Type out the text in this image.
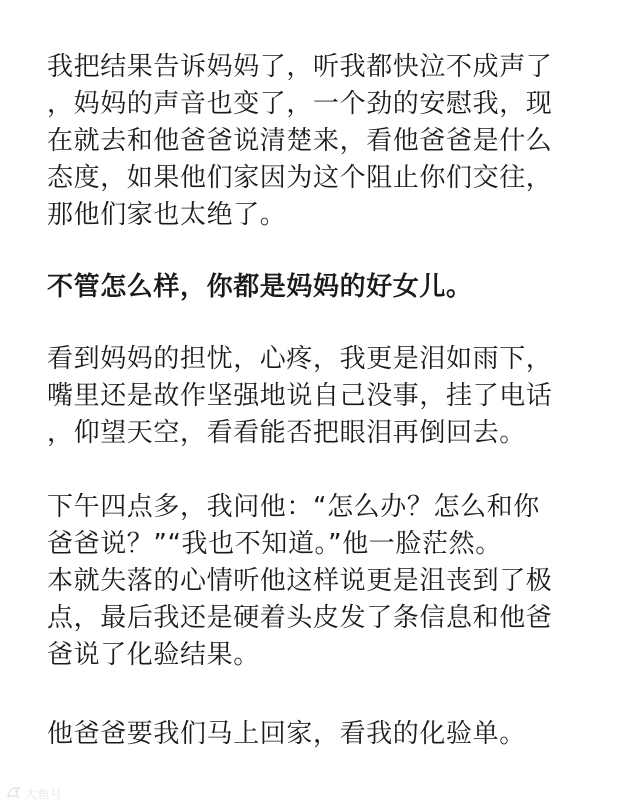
我把结果告诉妈妈了，听我都快泣不成声了
，妈妈的声音也变了，一个劲的安慰我，现
在就去和他爸爸说清楚来，看他爸爸是什么
态度，如果他们家因为这个阻止你们交往，
那他们家也太绝了。
不管怎么样，你都是妈妈的好女儿。
看到妈妈的担忧，心疼，我更是泪如雨下，
嘴里还是故作坚强地说自己没事，挂了电话
，仰望天空，看看能否把眼泪再倒回去。
下午四点多，我问他：“怎么办？怎么和你
爸爸说？”“我也不知道。”他一脸茫然。
本就失落的心情听他这样说更是沮丧到了极
点，最后我还是硬着头皮发了条信息和他爸
爸说了化验结果。
他爸爸要我们马上回家，看我的化验单。
大鱼号
